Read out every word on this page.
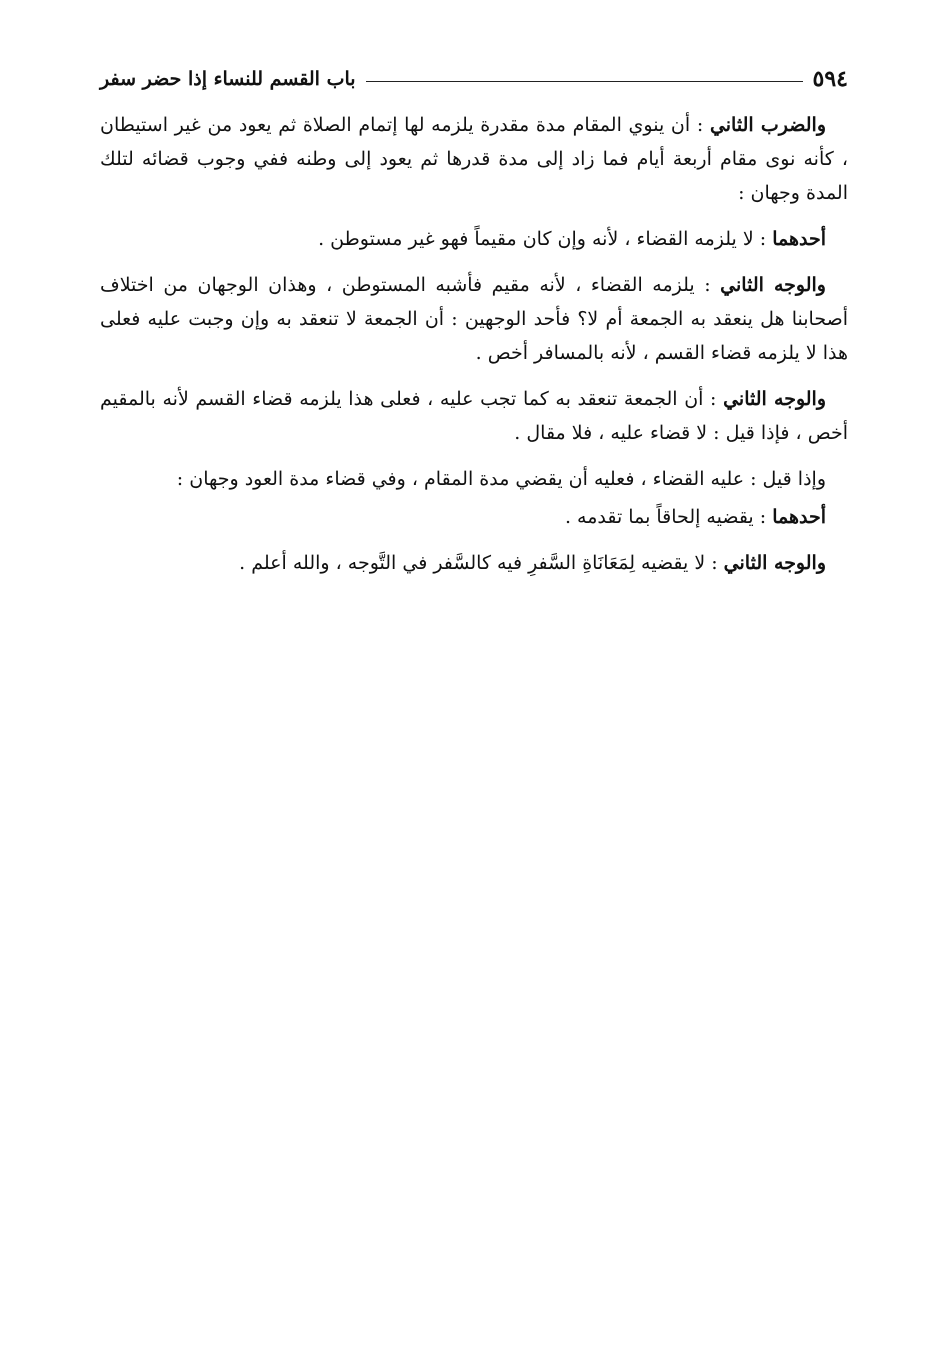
٥٩٤
باب القسم للنساء إذا حضر سفر

والضرب الثاني : أن ينوي المقام مدة مقدرة يلزمه لها إتمام الصلاة ثم يعود من غير استيطان ، كأنه نوى مقام أربعة أيام فما زاد إلى مدة قدرها ثم يعود إلى وطنه ففي وجوب قضائه لتلك المدة وجهان :

أحدهما : لا يلزمه القضاء ، لأنه وإن كان مقيماً فهو غير مستوطن .

والوجه الثاني : يلزمه القضاء ، لأنه مقيم فأشبه المستوطن ، وهذان الوجهان من اختلاف أصحابنا هل ينعقد به الجمعة أم لا؟ فأحد الوجهين : أن الجمعة لا تنعقد به وإن وجبت عليه فعلى هذا لا يلزمه قضاء القسم ، لأنه بالمسافر أخص .

والوجه الثاني : أن الجمعة تنعقد به كما تجب عليه ، فعلى هذا يلزمه قضاء القسم لأنه بالمقيم أخص ، فإذا قيل : لا قضاء عليه ، فلا مقال .

وإذا قيل : عليه القضاء ، فعليه أن يقضي مدة المقام ، وفي قضاء مدة العود وجهان :

أحدهما : يقضيه إلحاقاً بما تقدمه .

والوجه الثاني : لا يقضيه لِمَعَانَاةِ السَّفرِ فيه كالسَّفر في التَّوجه ، والله أعلم .
